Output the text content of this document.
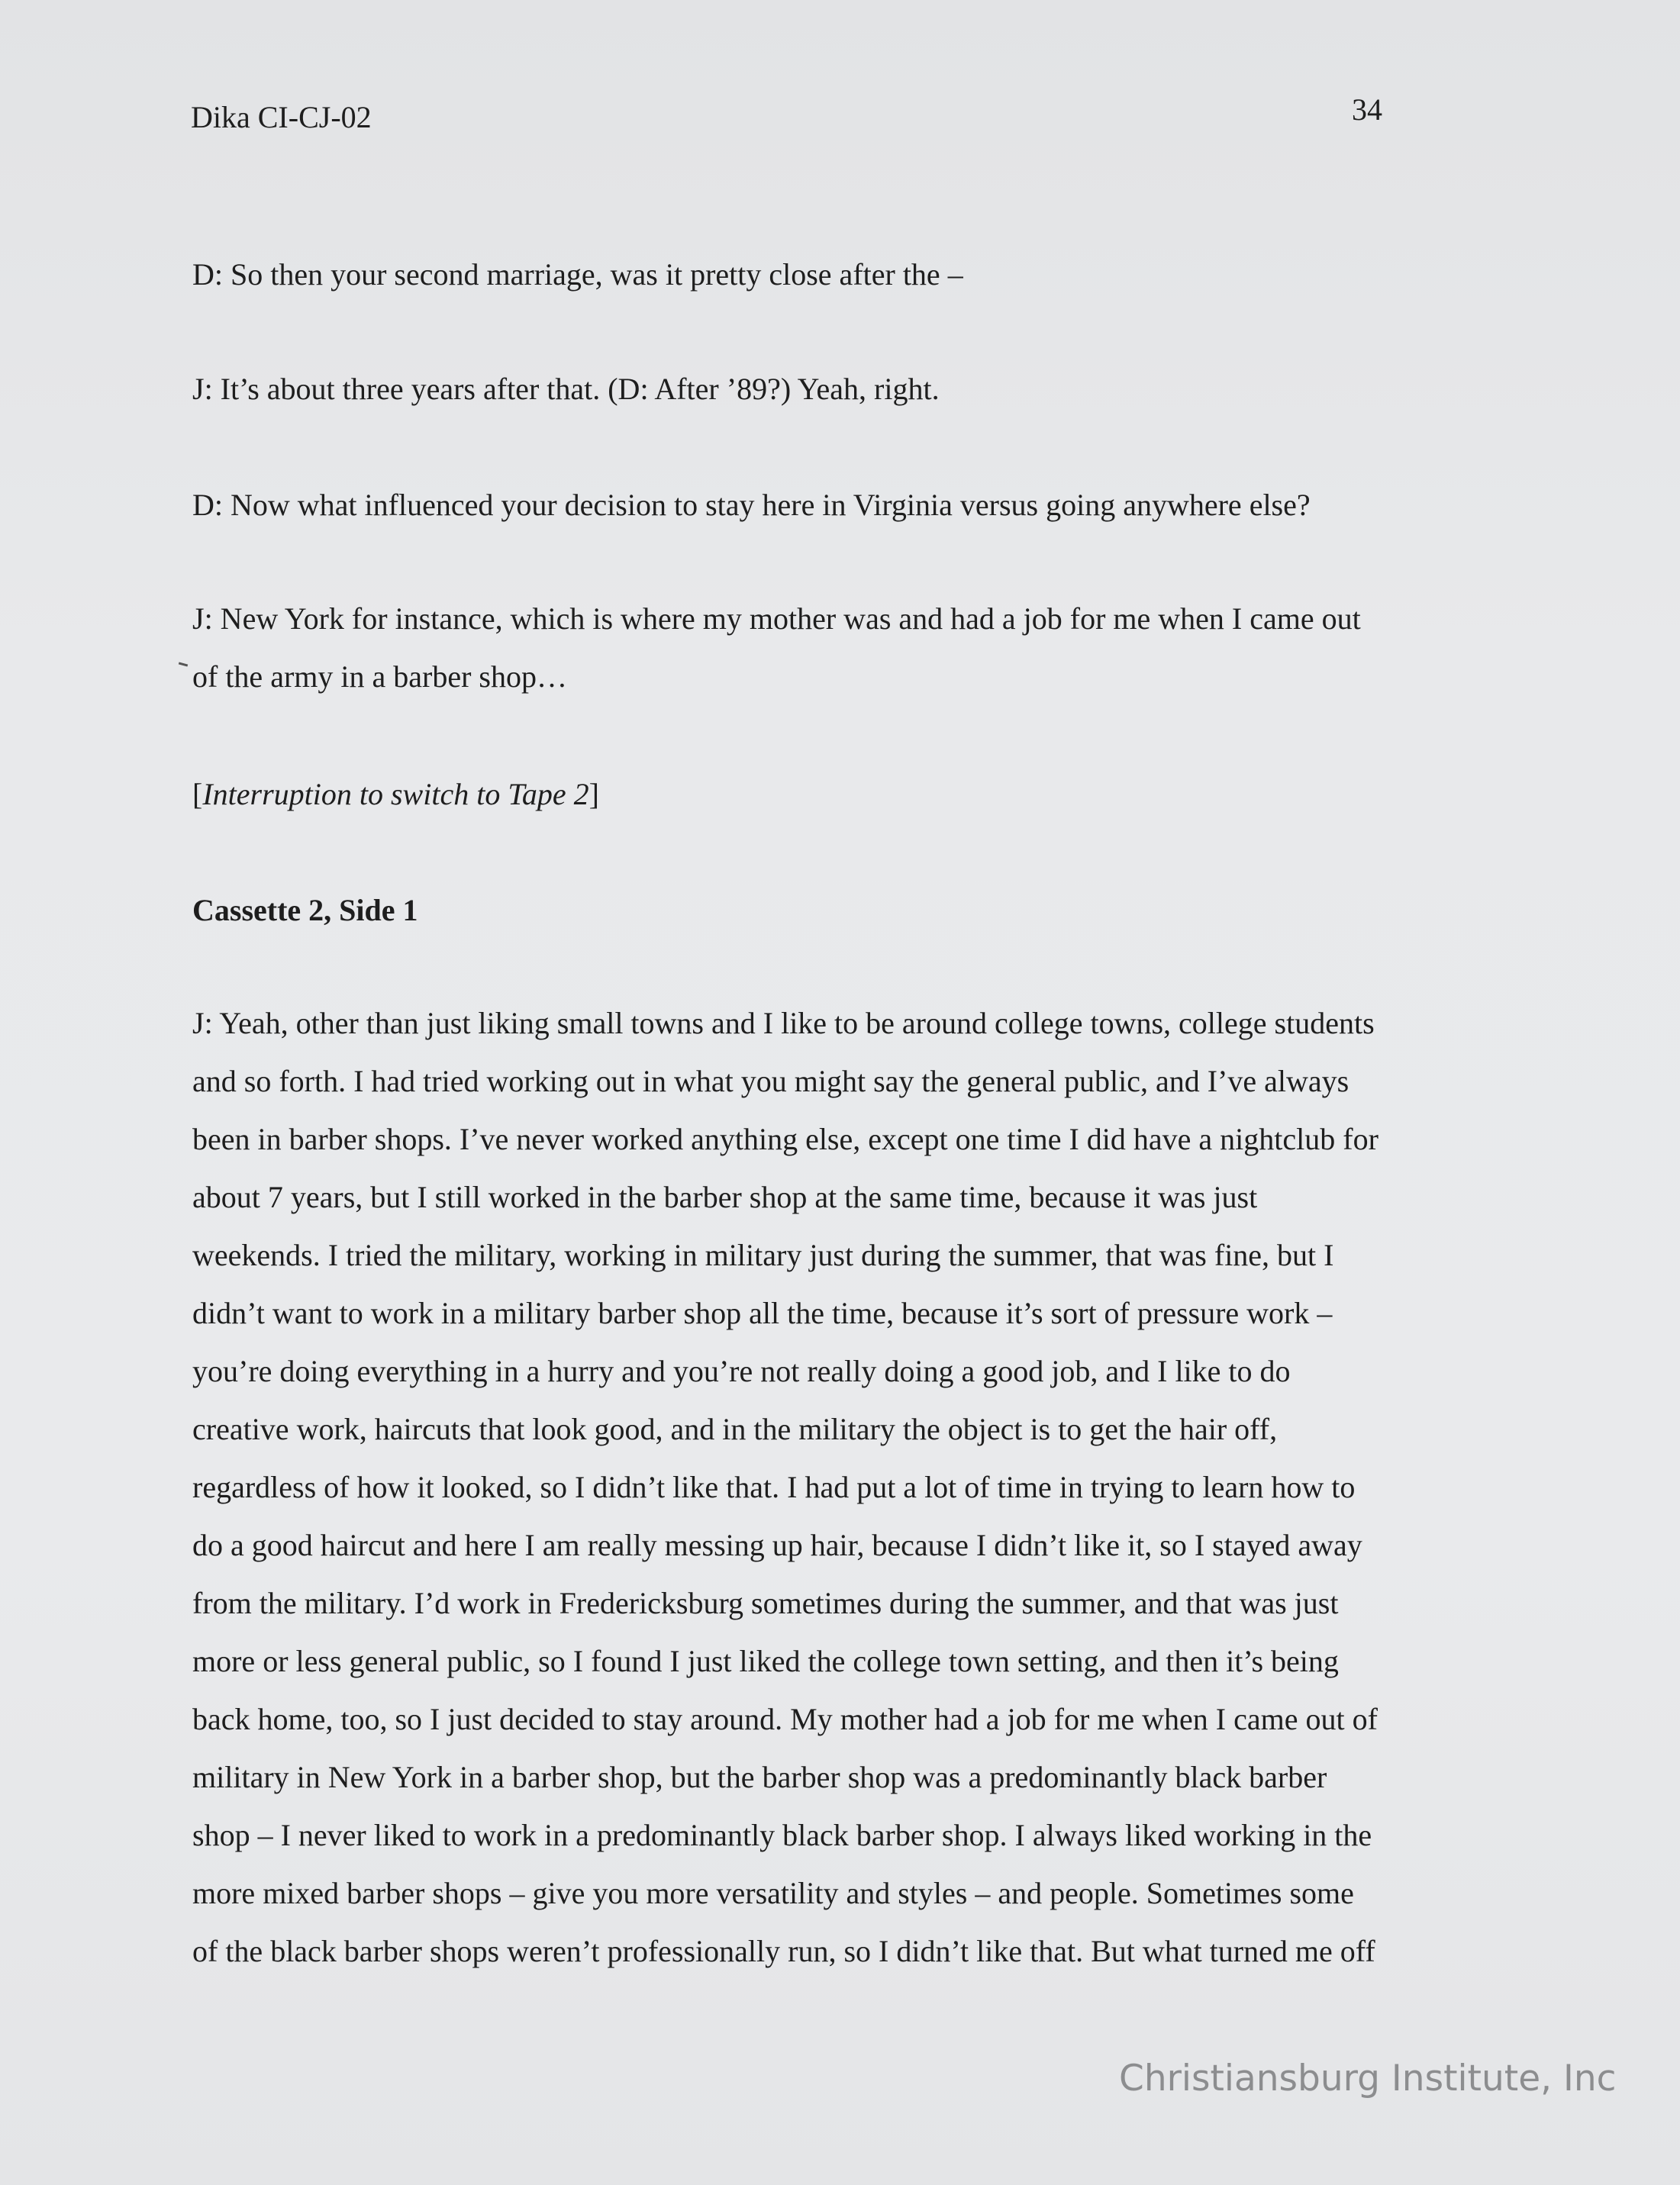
Dika CI-CJ-02	34
D: So then your second marriage, was it pretty close after the –
J: It’s about three years after that. (D: After ’89?) Yeah, right.
D: Now what influenced your decision to stay here in Virginia versus going anywhere else?
J: New York for instance, which is where my mother was and had a job for me when I came out
of the army in a barber shop…
[Interruption to switch to Tape 2]
Cassette 2, Side 1
J: Yeah, other than just liking small towns and I like to be around college towns, college students
and so forth. I had tried working out in what you might say the general public, and I’ve always
been in barber shops. I’ve never worked anything else, except one time I did have a nightclub for
about 7 years, but I still worked in the barber shop at the same time, because it was just
weekends. I tried the military, working in military just during the summer, that was fine, but I
didn’t want to work in a military barber shop all the time, because it’s sort of pressure work –
you’re doing everything in a hurry and you’re not really doing a good job, and I like to do
creative work, haircuts that look good, and in the military the object is to get the hair off,
regardless of how it looked, so I didn’t like that. I had put a lot of time in trying to learn how to
do a good haircut and here I am really messing up hair, because I didn’t like it, so I stayed away
from the military. I’d work in Fredericksburg sometimes during the summer, and that was just
more or less general public, so I found I just liked the college town setting, and then it’s being
back home, too, so I just decided to stay around. My mother had a job for me when I came out of
military in New York in a barber shop, but the barber shop was a predominantly black barber
shop – I never liked to work in a predominantly black barber shop. I always liked working in the
more mixed barber shops – give you more versatility and styles – and people. Sometimes some
of the black barber shops weren’t professionally run, so I didn’t like that. But what turned me off
Christiansburg Institute, Inc
